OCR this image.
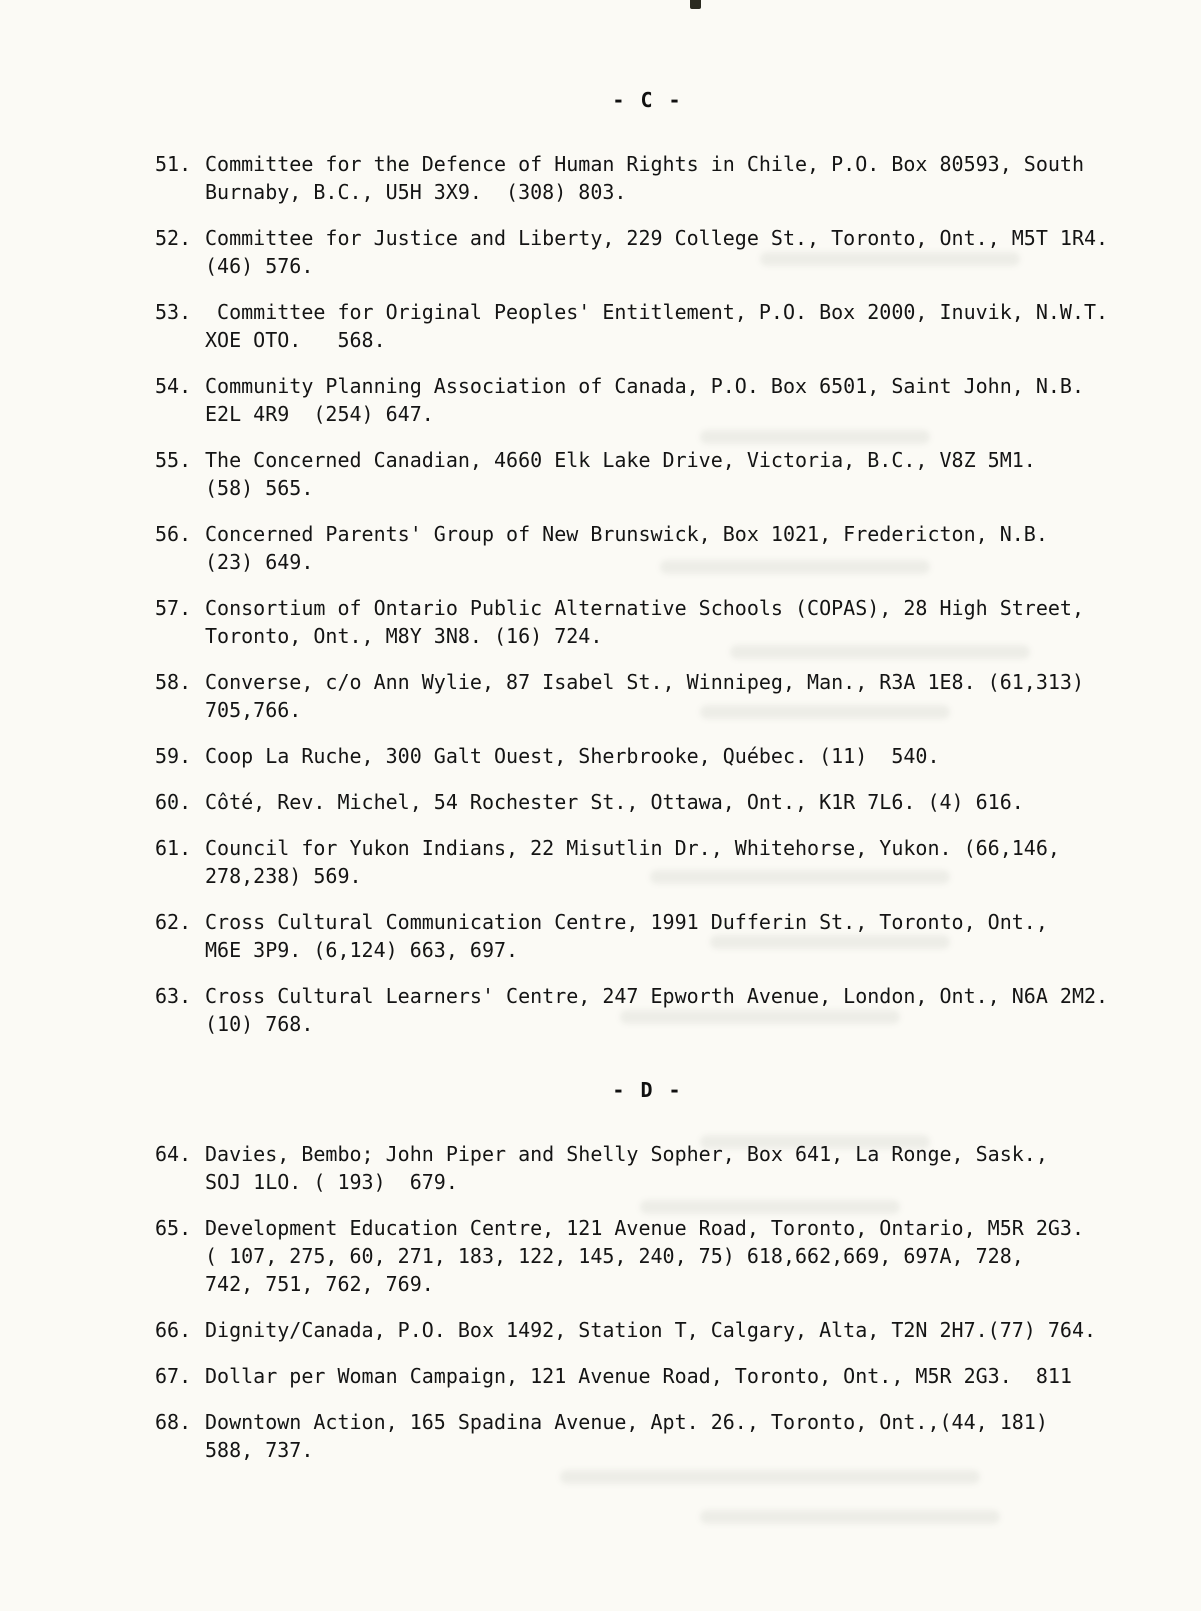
- C -
51. Committee for the Defence of Human Rights in Chile, P.O. Box 80593, South
Burnaby, B.C., U5H 3X9.  (308) 803.
52. Committee for Justice and Liberty, 229 College St., Toronto, Ont., M5T 1R4.
(46) 576.
53. Committee for Original Peoples' Entitlement, P.O. Box 2000, Inuvik, N.W.T.
XOE OTO.   568.
54. Community Planning Association of Canada, P.O. Box 6501, Saint John, N.B.
E2L 4R9  (254) 647.
55. The Concerned Canadian, 4660 Elk Lake Drive, Victoria, B.C., V8Z 5M1.
(58) 565.
56. Concerned Parents' Group of New Brunswick, Box 1021, Fredericton, N.B.
(23) 649.
57. Consortium of Ontario Public Alternative Schools (COPAS), 28 High Street,
Toronto, Ont., M8Y 3N8. (16) 724.
58. Converse, c/o Ann Wylie, 87 Isabel St., Winnipeg, Man., R3A 1E8. (61,313)
705,766.
59. Coop La Ruche, 300 Galt Ouest, Sherbrooke, Québec. (11)  540.
60. Côté, Rev. Michel, 54 Rochester St., Ottawa, Ont., K1R 7L6. (4) 616.
61. Council for Yukon Indians, 22 Misutlin Dr., Whitehorse, Yukon. (66,146,
278,238) 569.
62. Cross Cultural Communication Centre, 1991 Dufferin St., Toronto, Ont.,
M6E 3P9. (6,124) 663, 697.
63. Cross Cultural Learners' Centre, 247 Epworth Avenue, London, Ont., N6A 2M2.
(10) 768.
- D -
64. Davies, Bembo; John Piper and Shelly Sopher, Box 641, La Ronge, Sask.,
SOJ 1LO. ( 193)  679.
65. Development Education Centre, 121 Avenue Road, Toronto, Ontario, M5R 2G3.
( 107, 275, 60, 271, 183, 122, 145, 240, 75) 618,662,669, 697A, 728,
742, 751, 762, 769.
66. Dignity/Canada, P.O. Box 1492, Station T, Calgary, Alta, T2N 2H7.(77) 764.
67. Dollar per Woman Campaign, 121 Avenue Road, Toronto, Ont., M5R 2G3.  811
68. Downtown Action, 165 Spadina Avenue, Apt. 26., Toronto, Ont.,(44, 181)
588, 737.
